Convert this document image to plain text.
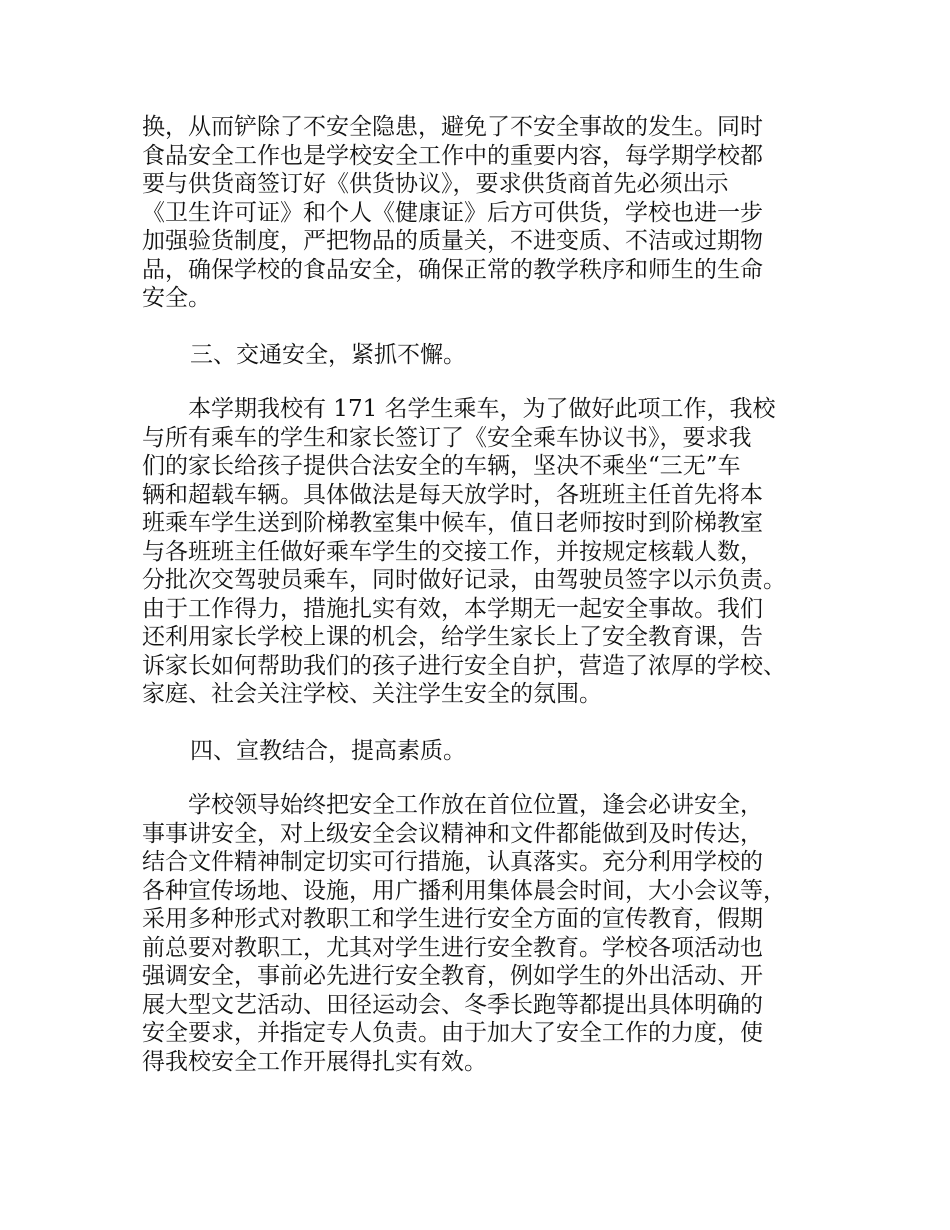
换，从而铲除了不安全隐患，避免了不安全事故的发生。同时
食品安全工作也是学校安全工作中的重要内容，每学期学校都
要与供货商签订好《供货协议》，要求供货商首先必须出示
《卫生许可证》和个人《健康证》后方可供货，学校也进一步
加强验货制度，严把物品的质量关，不进变质、不洁或过期物
品，确保学校的食品安全，确保正常的教学秩序和师生的生命
安全。

三、交通安全，紧抓不懈。

　　本学期我校有 171 名学生乘车，为了做好此项工作，我校
与所有乘车的学生和家长签订了《安全乘车协议书》，要求我
们的家长给孩子提供合法安全的车辆，坚决不乘坐“三无”车
辆和超载车辆。具体做法是每天放学时，各班班主任首先将本
班乘车学生送到阶梯教室集中候车，值日老师按时到阶梯教室
与各班班主任做好乘车学生的交接工作，并按规定核载人数，
分批次交驾驶员乘车，同时做好记录，由驾驶员签字以示负责。
由于工作得力，措施扎实有效，本学期无一起安全事故。我们
还利用家长学校上课的机会，给学生家长上了安全教育课，告
诉家长如何帮助我们的孩子进行安全自护，营造了浓厚的学校、
家庭、社会关注学校、关注学生安全的氛围。

四、宣教结合，提高素质。

　　学校领导始终把安全工作放在首位位置，逢会必讲安全，
事事讲安全，对上级安全会议精神和文件都能做到及时传达，
结合文件精神制定切实可行措施，认真落实。充分利用学校的
各种宣传场地、设施，用广播利用集体晨会时间，大小会议等，
采用多种形式对教职工和学生进行安全方面的宣传教育，假期
前总要对教职工，尤其对学生进行安全教育。学校各项活动也
强调安全，事前必先进行安全教育，例如学生的外出活动、开
展大型文艺活动、田径运动会、冬季长跑等都提出具体明确的
安全要求，并指定专人负责。由于加大了安全工作的力度，使
得我校安全工作开展得扎实有效。
